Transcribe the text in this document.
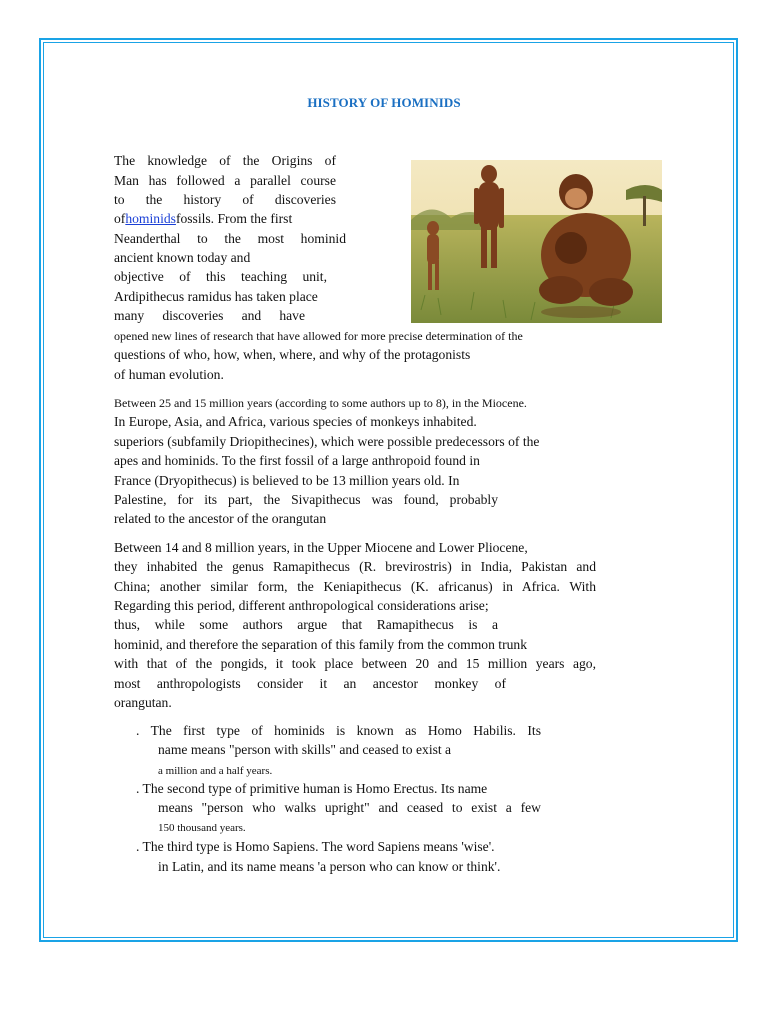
HISTORY OF HOMINIDS
The knowledge of the Origins of
Man has followed a parallel course
to the history of discoveries
ofhominidsfossils. From the first
Neanderthal to the most hominid
ancient known today and
objective of this teaching unit,
Ardipithecus ramidus has taken place
many discoveries and have
opened new lines of research that have allowed for more precise determination of the
questions of who, how, when, where, and why of the protagonists
of human evolution.
Between 25 and 15 million years (according to some authors up to 8), in the Miocene.
In Europe, Asia, and Africa, various species of monkeys inhabited.
superiors (subfamily Driopithecines), which were possible predecessors of the
apes and hominids. To the first fossil of a large anthropoid found in
France (Dryopithecus) is believed to be 13 million years old. In
Palestine, for its part, the Sivapithecus was found, probably
related to the ancestor of the orangutan
Between 14 and 8 million years, in the Upper Miocene and Lower Pliocene,
they inhabited the genus Ramapithecus (R. brevirostris) in India, Pakistan and
China; another similar form, the Keniapithecus (K. africanus) in Africa. With
Regarding this period, different anthropological considerations arise;
thus, while some authors argue that Ramapithecus is a
hominid, and therefore the separation of this family from the common trunk
with that of the pongids, it took place between 20 and 15 million years ago,
most anthropologists consider it an ancestor monkey of
orangutan.
. The first type of hominids is known as Homo Habilis. Its
name means "person with skills" and ceased to exist a
a million and a half years.
. The second type of primitive human is Homo Erectus. Its name
means "person who walks upright" and ceased to exist a few
150 thousand years.
. The third type is Homo Sapiens. The word Sapiens means 'wise'.
in Latin, and its name means 'a person who can know or think'.
